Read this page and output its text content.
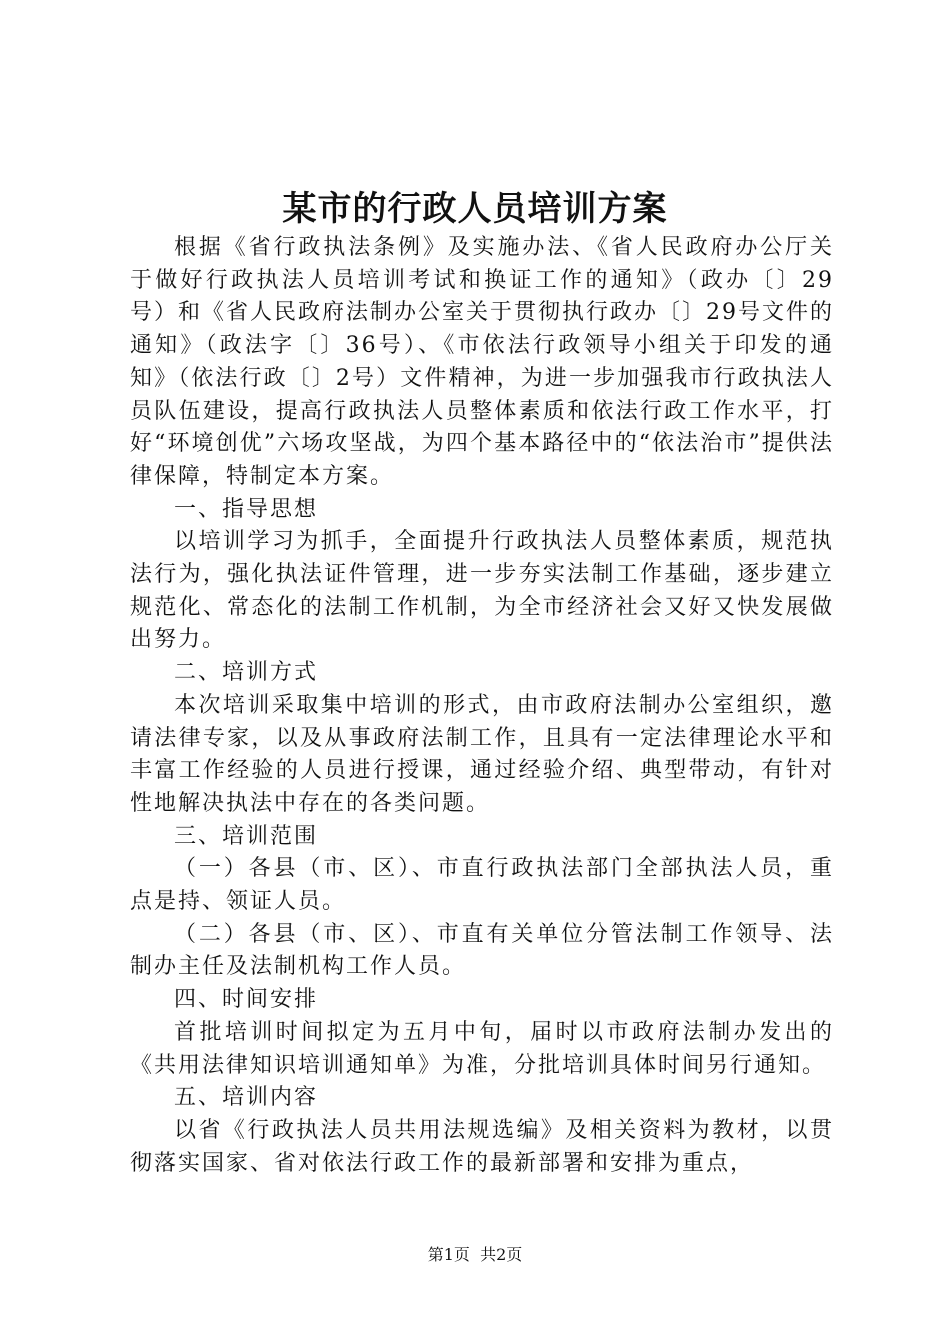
某市的行政人员培训方案

根据《省行政执法条例》及实施办法、《省人民政府办公厅关于做好行政执法人员培训考试和换证工作的通知》（政办〔〕29号）和《省人民政府法制办公室关于贯彻执行政办〔〕29号文件的通知》（政法字〔〕36号）、《市依法行政领导小组关于印发的通知》（依法行政〔〕2号）文件精神，为进一步加强我市行政执法人员队伍建设，提高行政执法人员整体素质和依法行政工作水平，打好“环境创优”六场攻坚战，为四个基本路径中的“依法治市”提供法律保障，特制定本方案。

一、指导思想

以培训学习为抓手，全面提升行政执法人员整体素质，规范执法行为，强化执法证件管理，进一步夯实法制工作基础，逐步建立规范化、常态化的法制工作机制，为全市经济社会又好又快发展做出努力。

二、培训方式

本次培训采取集中培训的形式，由市政府法制办公室组织，邀请法律专家，以及从事政府法制工作，且具有一定法律理论水平和丰富工作经验的人员进行授课，通过经验介绍、典型带动，有针对性地解决执法中存在的各类问题。

三、培训范围

（一）各县（市、区）、市直行政执法部门全部执法人员，重点是持、领证人员。

（二）各县（市、区）、市直有关单位分管法制工作领导、法制办主任及法制机构工作人员。

四、时间安排

首批培训时间拟定为五月中旬，届时以市政府法制办发出的《共用法律知识培训通知单》为准，分批培训具体时间另行通知。

五、培训内容

以省《行政执法人员共用法规选编》及相关资料为教材，以贯彻落实国家、省对依法行政工作的最新部署和安排为重点，

第1页  共2页
